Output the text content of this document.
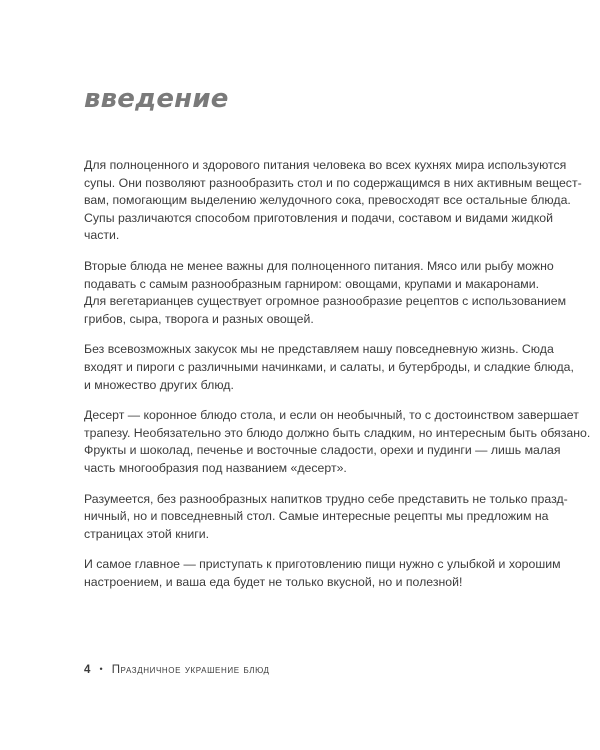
введение

Для полноценного и здорового питания человека во всех кухнях мира используются
супы. Они позволяют разнообразить стол и по содержащимся в них активным вещест-
вам, помогающим выделению желудочного сока, превосходят все остальные блюда.
Супы различаются способом приготовления и подачи, составом и видами жидкой
части.

Вторые блюда не менее важны для полноценного питания. Мясо или рыбу можно
подавать с самым разнообразным гарниром: овощами, крупами и макаронами.
Для вегетарианцев существует огромное разнообразие рецептов с использованием
грибов, сыра, творога и разных овощей.

Без всевозможных закусок мы не представляем нашу повседневную жизнь. Сюда
входят и пироги с различными начинками, и салаты, и бутерброды, и сладкие блюда,
и множество других блюд.

Десерт — коронное блюдо стола, и если он необычный, то с достоинством завершает
трапезу. Необязательно это блюдо должно быть сладким, но интересным быть обязано.
Фрукты и шоколад, печенье и восточные сладости, орехи и пудинги — лишь малая
часть многообразия под названием «десерт».

Разумеется, без разнообразных напитков трудно себе представить не только празд-
ничный, но и повседневный стол. Самые интересные рецепты мы предложим на
страницах этой книги.

И самое главное — приступать к приготовлению пищи нужно с улыбкой и хорошим
настроением, и ваша еда будет не только вкусной, но и полезной!

4 • Праздничное украшение блюд
